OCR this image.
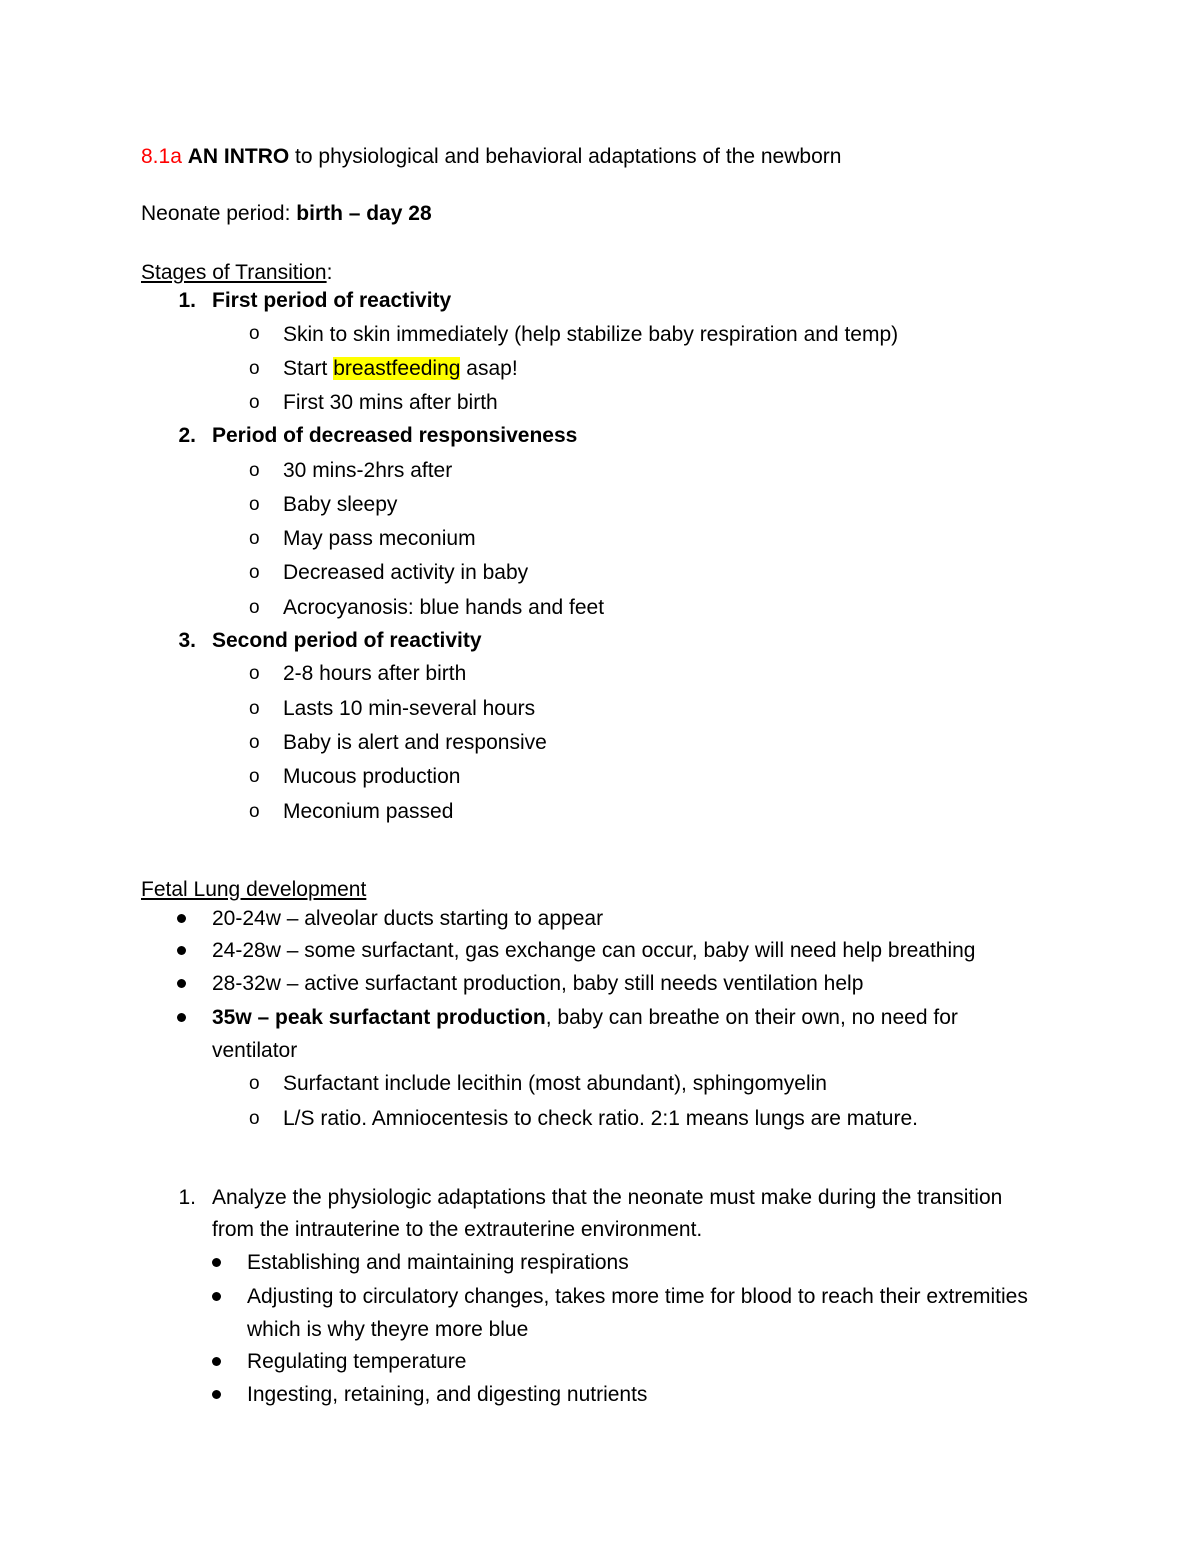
8.1a AN INTRO to physiological and behavioral adaptations of the newborn
Neonate period: birth – day 28
Stages of Transition:
1. First period of reactivity
o Skin to skin immediately (help stabilize baby respiration and temp)
o Start breastfeeding asap!
o First 30 mins after birth
2. Period of decreased responsiveness
o 30 mins-2hrs after
o Baby sleepy
o May pass meconium
o Decreased activity in baby
o Acrocyanosis: blue hands and feet
3. Second period of reactivity
o 2-8 hours after birth
o Lasts 10 min-several hours
o Baby is alert and responsive
o Mucous production
o Meconium passed
Fetal Lung development
20-24w – alveolar ducts starting to appear
24-28w – some surfactant, gas exchange can occur, baby will need help breathing
28-32w – active surfactant production, baby still needs ventilation help
35w – peak surfactant production, baby can breathe on their own, no need for
ventilator
o Surfactant include lecithin (most abundant), sphingomyelin
o L/S ratio. Amniocentesis to check ratio. 2:1 means lungs are mature.
1. Analyze the physiologic adaptations that the neonate must make during the transition
from the intrauterine to the extrauterine environment.
Establishing and maintaining respirations
Adjusting to circulatory changes, takes more time for blood to reach their extremities
which is why theyre more blue
Regulating temperature
Ingesting, retaining, and digesting nutrients
